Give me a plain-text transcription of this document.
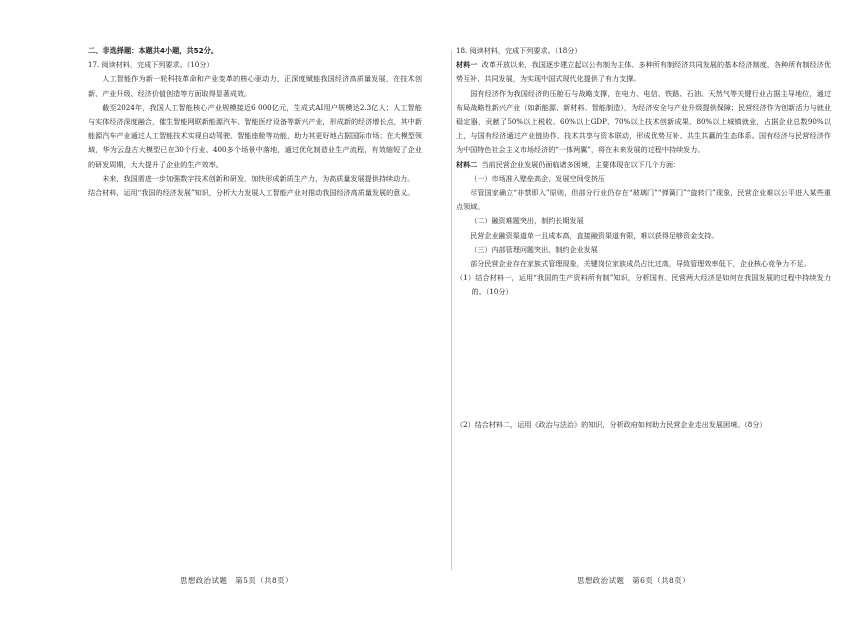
二、非选择题：本题共4小题，共52分。

17. 阅读材料，完成下列要求。（10分）

人工智能作为新一轮科技革命和产业变革的核心驱动力，正深度赋能我国经济高质量发展，在技术创新、产业升级、经济价值创造等方面取得显著成效。

截至2024年，我国人工智能核心产业规模接近6 000亿元，生成式AI用户规模达2.3亿人；人工智能与实体经济深度融合，催生智能网联新能源汽车、智能医疗设备等新兴产业，形成新的经济增长点，其中新能源汽车产业通过人工智能技术实现自动驾驶、智能座舱等功能，助力其更好地占据国际市场；在大模型领域，华为云盘古大模型已在30个行业、400多个场景中落地，通过优化制造业生产流程，有效缩短了企业的研发周期，大大提升了企业的生产效率。

未来，我国需进一步加强数字技术创新和研发，加快形成新质生产力，为高质量发展提供持续动力。

结合材料，运用“我国的经济发展”知识，分析大力发展人工智能产业对推动我国经济高质量发展的意义。

思想政治试题　第5页（共8页）

18. 阅读材料，完成下列要求。（18分）

材料一 改革开放以来，我国逐步建立起以公有制为主体、多种所有制经济共同发展的基本经济制度，各种所有制经济优势互补、共同发展，为实现中国式现代化提供了有力支撑。

国有经济作为我国经济的压舱石与战略支撑，在电力、电信、铁路、石油、天然气等关键行业占据主导地位，通过布局战略性新兴产业（如新能源、新材料、智能制造），为经济安全与产业升级提供保障；民营经济作为创新活力与就业稳定器，贡献了50%以上税收、60%以上GDP、70%以上技术创新成果、80%以上城镇就业，占据企业总数90%以上，与国有经济通过产业链协作、技术共享与资本联动，形成优势互补、共生共赢的生态体系。国有经济与民营经济作为中国特色社会主义市场经济的“一体两翼”，将在未来发展的过程中持续发力。

材料二 当前民营企业发展仍面临诸多困境，主要体现在以下几个方面：

（一）市场准入壁垒高企，发展空间受挤压

尽管国家确立“非禁即入”原则，但部分行业仍存在“玻璃门”“弹簧门”“旋转门”现象，民营企业难以公平进入某些重点领域。

（二）融资难题突出，制约长期发展

民营企业融资渠道单一且成本高，直接融资渠道有限，难以获得足够资金支持。

（三）内部管理问题突出，制约企业发展

部分民营企业存在家族式管理现象，关键岗位家族成员占比过高，导致管理效率低下，企业核心竞争力不足。

（1）结合材料一，运用“我国的生产资料所有制”知识，分析国有、民营两大经济是如何在我国发展的过程中持续发力的。（10分）

（2）结合材料二，运用《政治与法治》的知识，分析政府如何助力民营企业走出发展困境。（8分）

思想政治试题　第6页（共8页）
